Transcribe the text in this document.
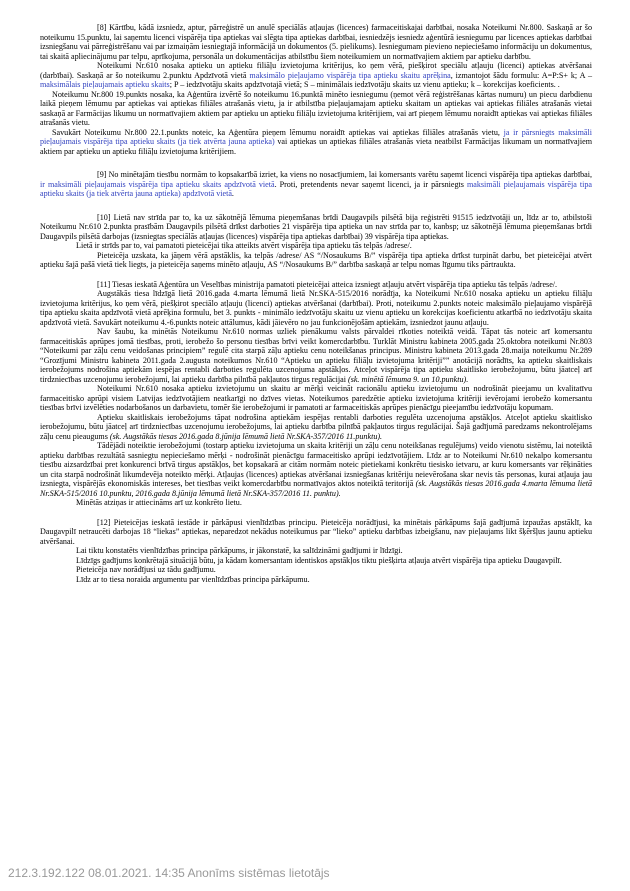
[8] Kārtību, kādā izsniedz, aptur, pārreģistrē un anulē speciālās atļaujas (licences) farmaceitiskajai darbībai, nosaka Noteikumi Nr.800. Saskaņā ar šo noteikumu 15.punktu, lai saņemtu licenci vispārēja tipa aptiekas vai slēgta tipa aptiekas darbībai, iesniedzējs iesniedz aģentūrā iesniegumu par licences aptiekas darbībai izsniegšanu vai pārreģistrēšanu vai par izmaiņām iesniegtajā informācijā un dokumentos (5. pielikums). Iesniegumam pievieno nepieciešamo informāciju un dokumentus, tai skaitā apliecinājumu par telpu, aprīkojuma, personāla un dokumentācijas atbilstību šiem noteikumiem un normatīvajiem aktiem par aptieku darbību.

Noteikumi Nr.610 nosaka aptieku un aptieku filiāļu izvietojuma kritērijus, ko ņem vērā, piešķirot speciālu atļauju (licenci) aptiekas atvēršanai (darbībai). Saskaņā ar šo noteikumu 2.punktu Apdzīvotā vietā maksimālo pieļaujamo vispārēja tipa aptieku skaitu aprēķina, izmantojot šādu formulu: A=P:S+ k; A – maksimālais pieļaujamais aptieku skaits; P – iedzīvotāju skaits apdzīvotajā vietā; S – minimālais iedzīvotāju skaits uz vienu aptieku; k – korekcijas koeficients. .

Noteikumu Nr.800 19.punkts nosaka, ka Aģentūra izvērtē šo noteikumu 16.punktā minēto iesniegumu (ņemot vērā reģistrēšanas kārtas numuru) un piecu darbdienu laikā pieņem lēmumu par aptiekas vai aptiekas filiāles atrašanās vietu, ja ir atbilstība pieļaujamajam aptieku skaitam un aptiekas vai aptiekas filiāles atrašanās vietai saskaņā ar Farmācijas likumu un normatīvajiem aktiem par aptieku un aptieku filiāļu izvietojuma kritērijiem, vai arī pieņem lēmumu noraidīt aptiekas vai aptiekas filiāles atrašanās vietu.

Savukārt Noteikumu Nr.800 22.1.punkts noteic, ka Aģentūra pieņem lēmumu noraidīt aptiekas vai aptiekas filiāles atrašanās vietu, ja ir pārsniegts maksimāli pieļaujamais vispārēja tipa aptieku skaits (ja tiek atvērta jauna aptieka) vai aptiekas un aptiekas filiāles atrašanās vieta neatbilst Farmācijas likumam un normatīvajiem aktiem par aptieku un aptieku filiāļu izvietojuma kritērijiem.

[9] No minētajām tiesību normām to kopsakarībā izriet, ka viens no nosacījumiem, lai komersants varētu saņemt licenci vispārēja tipa aptiekas darbībai, ir maksimāli pieļaujamais vispārēja tipa aptieku skaits apdzīvotā vietā. Proti, pretendents nevar saņemt licenci, ja ir pārsniegts maksimāli pieļaujamais vispārēja tipa aptieku skaits (ja tiek atvērta jauna aptieka) apdzīvotā vietā.

[10] Lietā nav strīda par to, ka uz sākotnējā lēmuma pieņemšanas brīdi Daugavpils pilsētā bija reģistrēti 91515 iedzīvotāji un, līdz ar to, atbilstoši Noteikumu Nr.610 2.punkta prasībām Daugavpils pilsētā drīkst darboties 21 vispārēja tipa aptieka un nav strīda par to, kanbsp; uz sākotnējā lēmuma pieņemšanas brīdi Daugavpils pilsētā darbojas (izsniegtas speciālās atļaujas (licences) vispārēja tipa aptiekas darbībai) 39 vispārēja tipa aptiekas.

Lietā ir strīds par to, vai pamatoti pieteicējai tika atteikts atvērt vispārēja tipa aptieku tās telpās /adrese/.

Pieteicēja uzskata, ka jāņem vērā apstāklis, ka telpās /adrese/ AS “/Nosaukums B/” vispārēja tipa aptieka drīkst turpināt darbu, bet pieteicējai atvērt aptieku šajā pašā vietā tiek liegts, ja pieteicēja saņems minēto atļauju, AS “/Nosaukums B/” darbība saskaņā ar telpu nomas līgumu tiks pārtraukta.

[11] Tiesas ieskatā Aģentūra un Veselības ministrija pamatoti pieteicējai atteica izsniegt atļauju atvērt vispārēja tipa aptieku tās telpās /adrese/.

Augstākās tiesa līdzīgā lietā 2016.gada 4.marta lēmumā lietā Nr.SKA-515/2016 norādīja, ka Noteikumi Nr.610 nosaka aptieku un aptieku filiāļu izvietojuma kritērijus, ko ņem vērā, piešķirot speciālo atļauju (licenci) aptiekas atvēršanai (darbībai). Proti, noteikumu 2.punkts noteic maksimālo pieļaujamo vispārējā tipa aptieku skaita apdzīvotā vietā aprēķina formulu, bet 3. punkts - minimālo iedzīvotāju skaitu uz vienu aptieku un korekcijas koeficientu atkarībā no iedzīvotāju skaita apdzīvotā vietā. Savukārt noteikumu 4.-6.punkts noteic attālumus, kādi jāievēro no jau funkcionējošām aptiekām, izsniedzot jaunu atļauju.

Nav šaubu, ka minētās Noteikumu Nr.610 normas uzliek pienākumu valsts pārvaldei rīkoties noteiktā veidā. Tāpat tās noteic arī komersantu farmaceitiskās aprūpes jomā tiesības, proti, ierobežo šo personu tiesības brīvi veikt komercdarbību. Turklāt Ministru kabineta 2005.gada 25.oktobra noteikumi Nr.803 “Noteikumi par zāļu cenu veidošanas principiem” regulē cita starpā zāļu aptieku cenu noteikšanas principus. Ministru kabineta 2013.gada 28.maija noteikumu Nr.289 “Grozījumi Ministru kabineta 2011.gada 2.augusta noteikumos Nr.610 “Aptieku un aptieku filiāļu izvietojuma kritēriji”” anotācijā norādīts, ka aptieku skaitliskais ierobežojums nodrošina aptiekām iespējas rentabli darboties regulēta uzcenojuma apstākļos. Atceļot vispārēja tipa aptieku skaitlisko ierobežojumu, būtu jāatceļ arī tirdzniecības uzcenojumu ierobežojumi, lai aptieku darbība pilnībā pakļautos tirgus regulācijai (sk. minētā lēmuma 9. un 10.punktu).

Noteikumi Nr.610 nosaka aptieku izvietojumu un skaitu ar mērķi veicināt racionālu aptieku izvietojumu un nodrošināt pieejamu un kvalitatīvu farmaceitisko aprūpi visiem Latvijas iedzīvotājiem neatkarīgi no dzīves vietas. Noteikumos paredzētie aptieku izvietojuma kritēriji ievērojami ierobežo komersantu tiesības brīvi izvēlēties nodarbošanos un darbavietu, tomēr šie ierobežojumi ir pamatoti ar farmaceitiskās aprūpes pienācīgu pieejamību iedzīvotāju kopumam.

Aptieku skaitliskais ierobežojums tāpat nodrošina aptiekām iespējas rentabli darboties regulēta uzcenojuma apstākļos. Atceļot aptieku skaitlisko ierobežojumu, būtu jāatceļ arī tirdzniecības uzcenojumu ierobežojums, lai aptieku darbība pilnībā pakļautos tirgus regulācijai. Šajā gadījumā paredzams nekontrolējams zāļu cenu pieaugums (sk. Augstākās tiesas 2016.gada 8.jūnija lēmumā lietā Nr.SKA-357/2016 11.punktu).

Tādējādi noteiktie ierobežojumi (tostarp aptieku izvietojuma un skaita kritēriji un zāļu cenu noteikšanas regulējums) veido vienotu sistēmu, lai noteiktā aptieku darbības rezultātā sasniegtu nepieciešamo mērķi - nodrošināt pienācīgu farmaceitisko aprūpi iedzīvotājiem. Līdz ar to Noteikumi Nr.610 nekalpo komersantu tiesību aizsardzībai pret konkurenci brīvā tirgus apstākļos, bet kopsakarā ar citām normām noteic pietiekami konkrētu tiesisko ietvaru, ar kuru komersants var rēķināties un cita starpā nodrošināt likumdevēja noteikto mērķi. Atļaujas (licences) aptiekas atvēršanai izsniegšanas kritēriju neievērošana skar nevis tās personas, kurai atļauja jau izsniegta, vispārējās ekonomiskās intereses, bet tiesības veikt komercdarbību normatīvajos aktos noteiktā teritorijā (sk. Augstākās tiesas 2016.gada 4.marta lēmuma lietā Nr.SKA-515/2016 10.punktu, 2016.gada 8.jūnija lēmumā lietā Nr.SKA-357/2016 11. punktu).

Minētās atziņas ir attiecināms arī uz konkrēto lietu.

[12] Pieteicējas ieskatā iestāde ir pārkāpusi vienlīdzības principu. Pieteicēja norādījusi, ka minētais pārkāpums šajā gadījumā izpaužas apstāklī, ka Daugavpilī netraucēti darbojas 18 “liekas” aptiekas, neparedzot nekādus noteikumus par “lieko” aptieku darbības izbeigšanu, nav pieļaujams likt šķēršļus jaunu aptieku atvēršanai.

Lai tiktu konstatēts vienlīdzības principa pārkāpums, ir jākonstatē, ka salīdzināmi gadījumi ir līdzīgi.

Līdzīgs gadījums konkrētajā situācijā būtu, ja kādam komersantam identiskos apstākļos tiktu piešķirta atļauja atvērt vispārēja tipa aptieku Daugavpilī.

Pieteicēja nav norādījusi uz tādu gadījumu.

Līdz ar to tiesa noraida argumentu par vienlīdzības principa pārkāpumu.

212.3.192.122 08.01.2021. 14:35 Anonīms sistēmas lietotājs
